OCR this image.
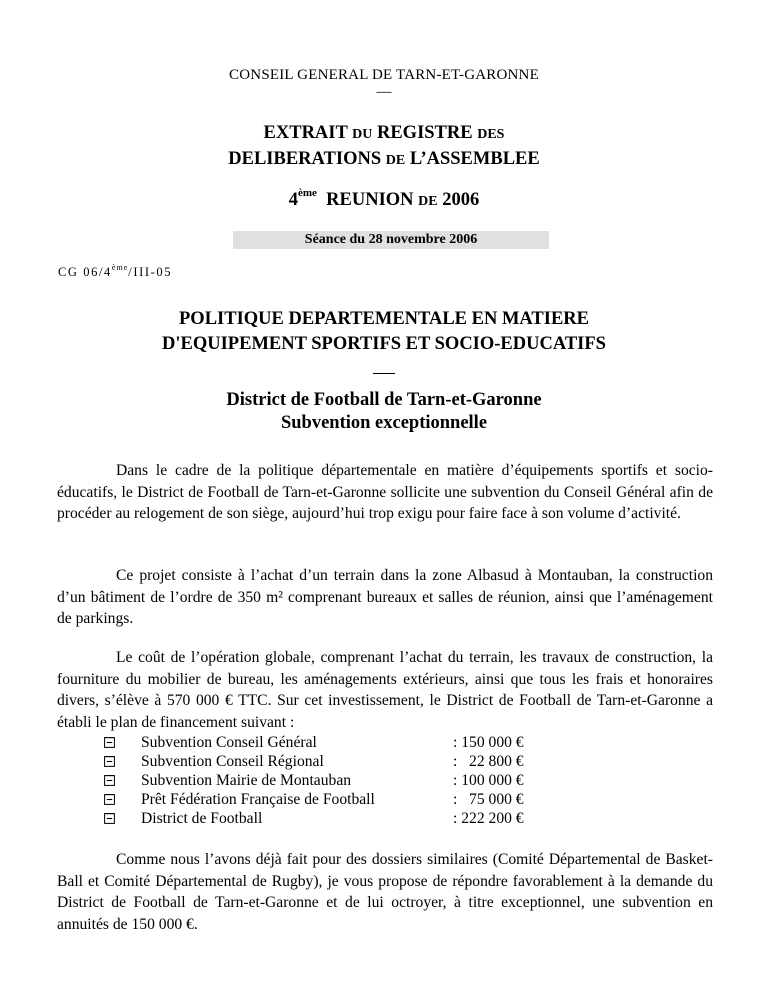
CONSEIL GENERAL DE TARN-ET-GARONNE
—
EXTRAIT DU REGISTRE DES
DELIBERATIONS DE L’ASSEMBLEE
4ème REUNION DE 2006
Séance du 28 novembre 2006
CG 06/4ème/III-05
POLITIQUE DEPARTEMENTALE EN MATIERE
D'EQUIPEMENT SPORTIFS ET SOCIO-EDUCATIFS
District de Football de Tarn-et-Garonne
Subvention exceptionnelle
Dans le cadre de la politique départementale en matière d’équipements sportifs et socio-éducatifs, le District de Football de Tarn-et-Garonne sollicite une subvention du Conseil Général afin de procéder au relogement de son siège, aujourd’hui trop exigu pour faire face à son volume d’activité.
Ce projet consiste à l’achat d’un terrain dans la zone Albasud à Montauban, la construction d’un bâtiment de l’ordre de 350 m² comprenant bureaux et salles de réunion, ainsi que l’aménagement de parkings.
Le coût de l’opération globale, comprenant l’achat du terrain, les travaux de construction, la fourniture du mobilier de bureau, les aménagements extérieurs, ainsi que tous les frais et honoraires divers, s’élève à 570 000 € TTC. Sur cet investissement, le District de Football de Tarn-et-Garonne a établi le plan de financement suivant :
Subvention Conseil Général	: 150 000 €
Subvention Conseil Régional	:   22 800 €
Subvention Mairie de Montauban	: 100 000 €
Prêt Fédération Française de Football	:   75 000 €
District de Football	: 222 200 €
Comme nous l’avons déjà fait pour des dossiers similaires (Comité Départemental de Basket-Ball et Comité Départemental de Rugby), je vous propose de répondre favorablement à la demande du District de Football de Tarn-et-Garonne et de lui octroyer, à titre exceptionnel, une subvention en annuités de 150 000 €.
